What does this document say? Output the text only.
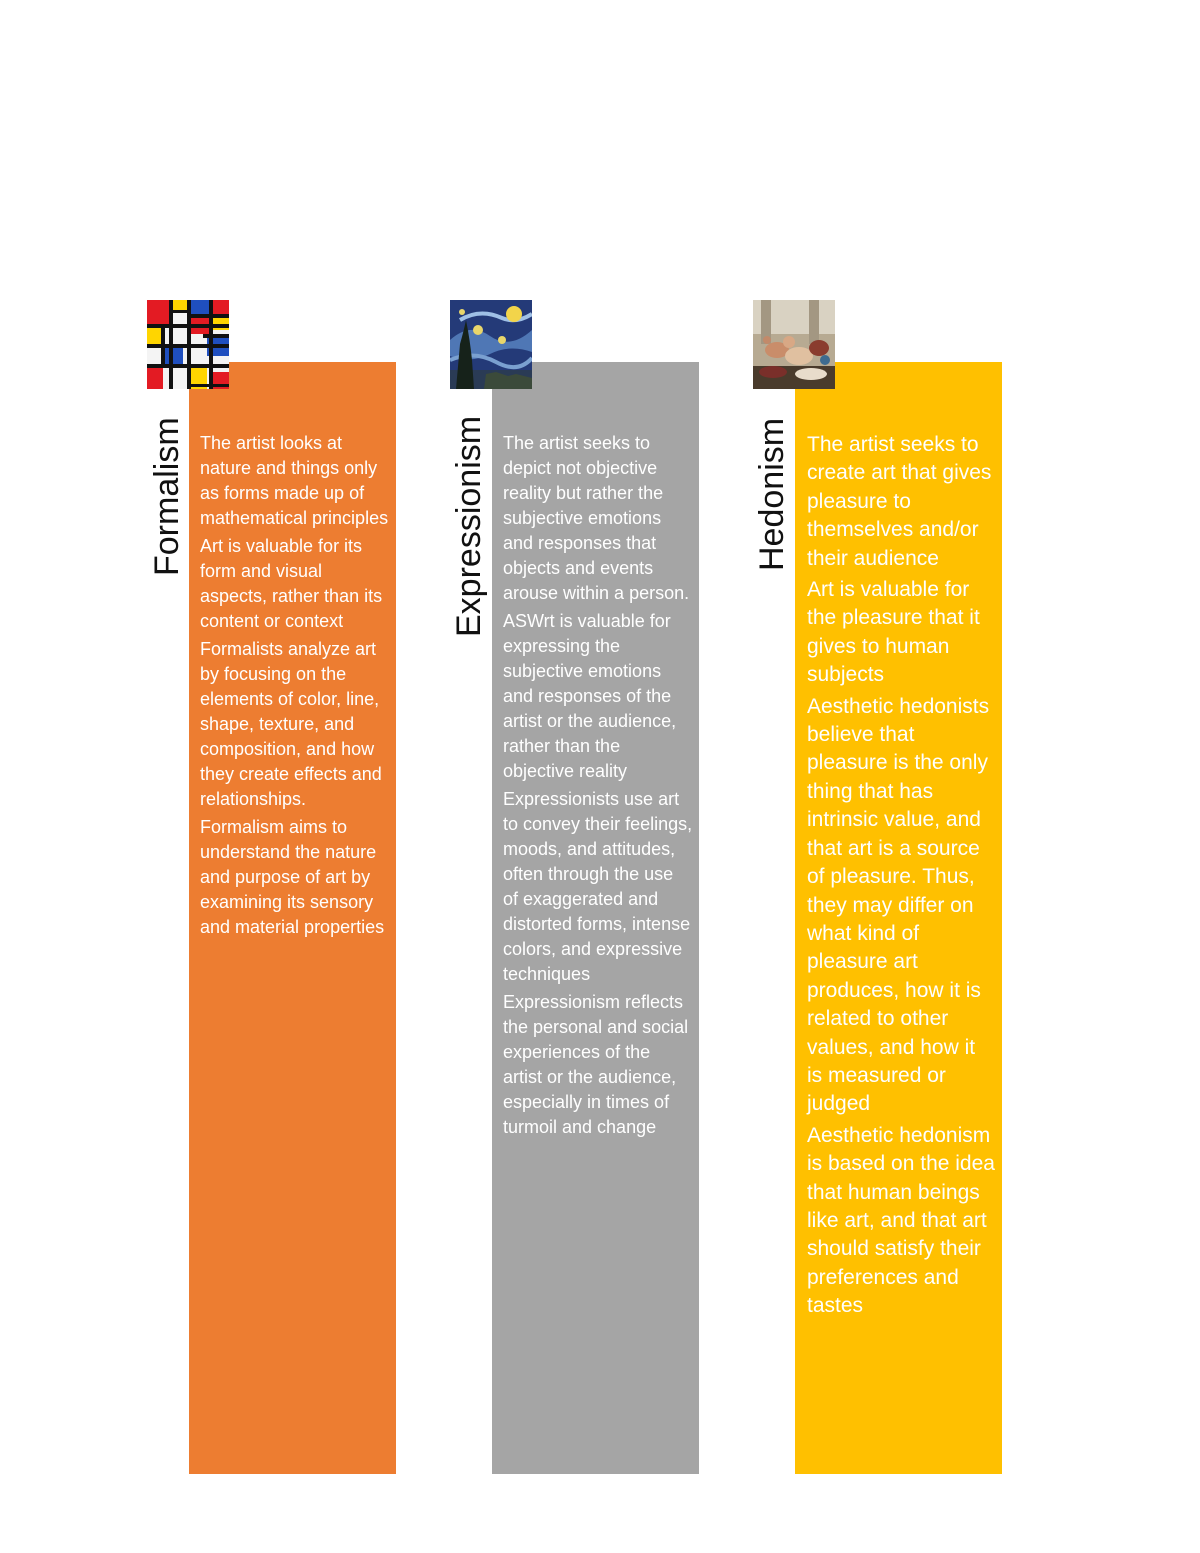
Formalism The artist looks at nature and things only as forms made up of mathematical principles

Art is valuable for its form and visual aspects, rather than its content or context

Formalists analyze art by focusing on the elements of color, line, shape, texture, and composition, and how they create effects and relationships.

Formalism aims to understand the nature and purpose of art by examining its sensory and material properties

Expressionism The artist seeks to depict not objective reality but rather the subjective emotions and responses that objects and events arouse within a person.

ASWrt is valuable for expressing the subjective emotions and responses of the artist or the audience, rather than the objective reality

Expressionists use art to convey their feelings, moods, and attitudes, often through the use of exaggerated and distorted forms, intense colors, and expressive techniques

Expressionism reflects the personal and social experiences of the artist or the audience, especially in times of turmoil and change

Hedonism The artist seeks to create art that gives pleasure to themselves and/or their audience

Art is valuable for the pleasure that it gives to human subjects

Aesthetic hedonists believe that pleasure is the only thing that has intrinsic value, and that art is a source of pleasure. Thus, they may differ on what kind of pleasure art produces, how it is related to other values, and how it is measured or judged

Aesthetic hedonism is based on the idea that human beings like art, and that art should satisfy their preferences and tastes
